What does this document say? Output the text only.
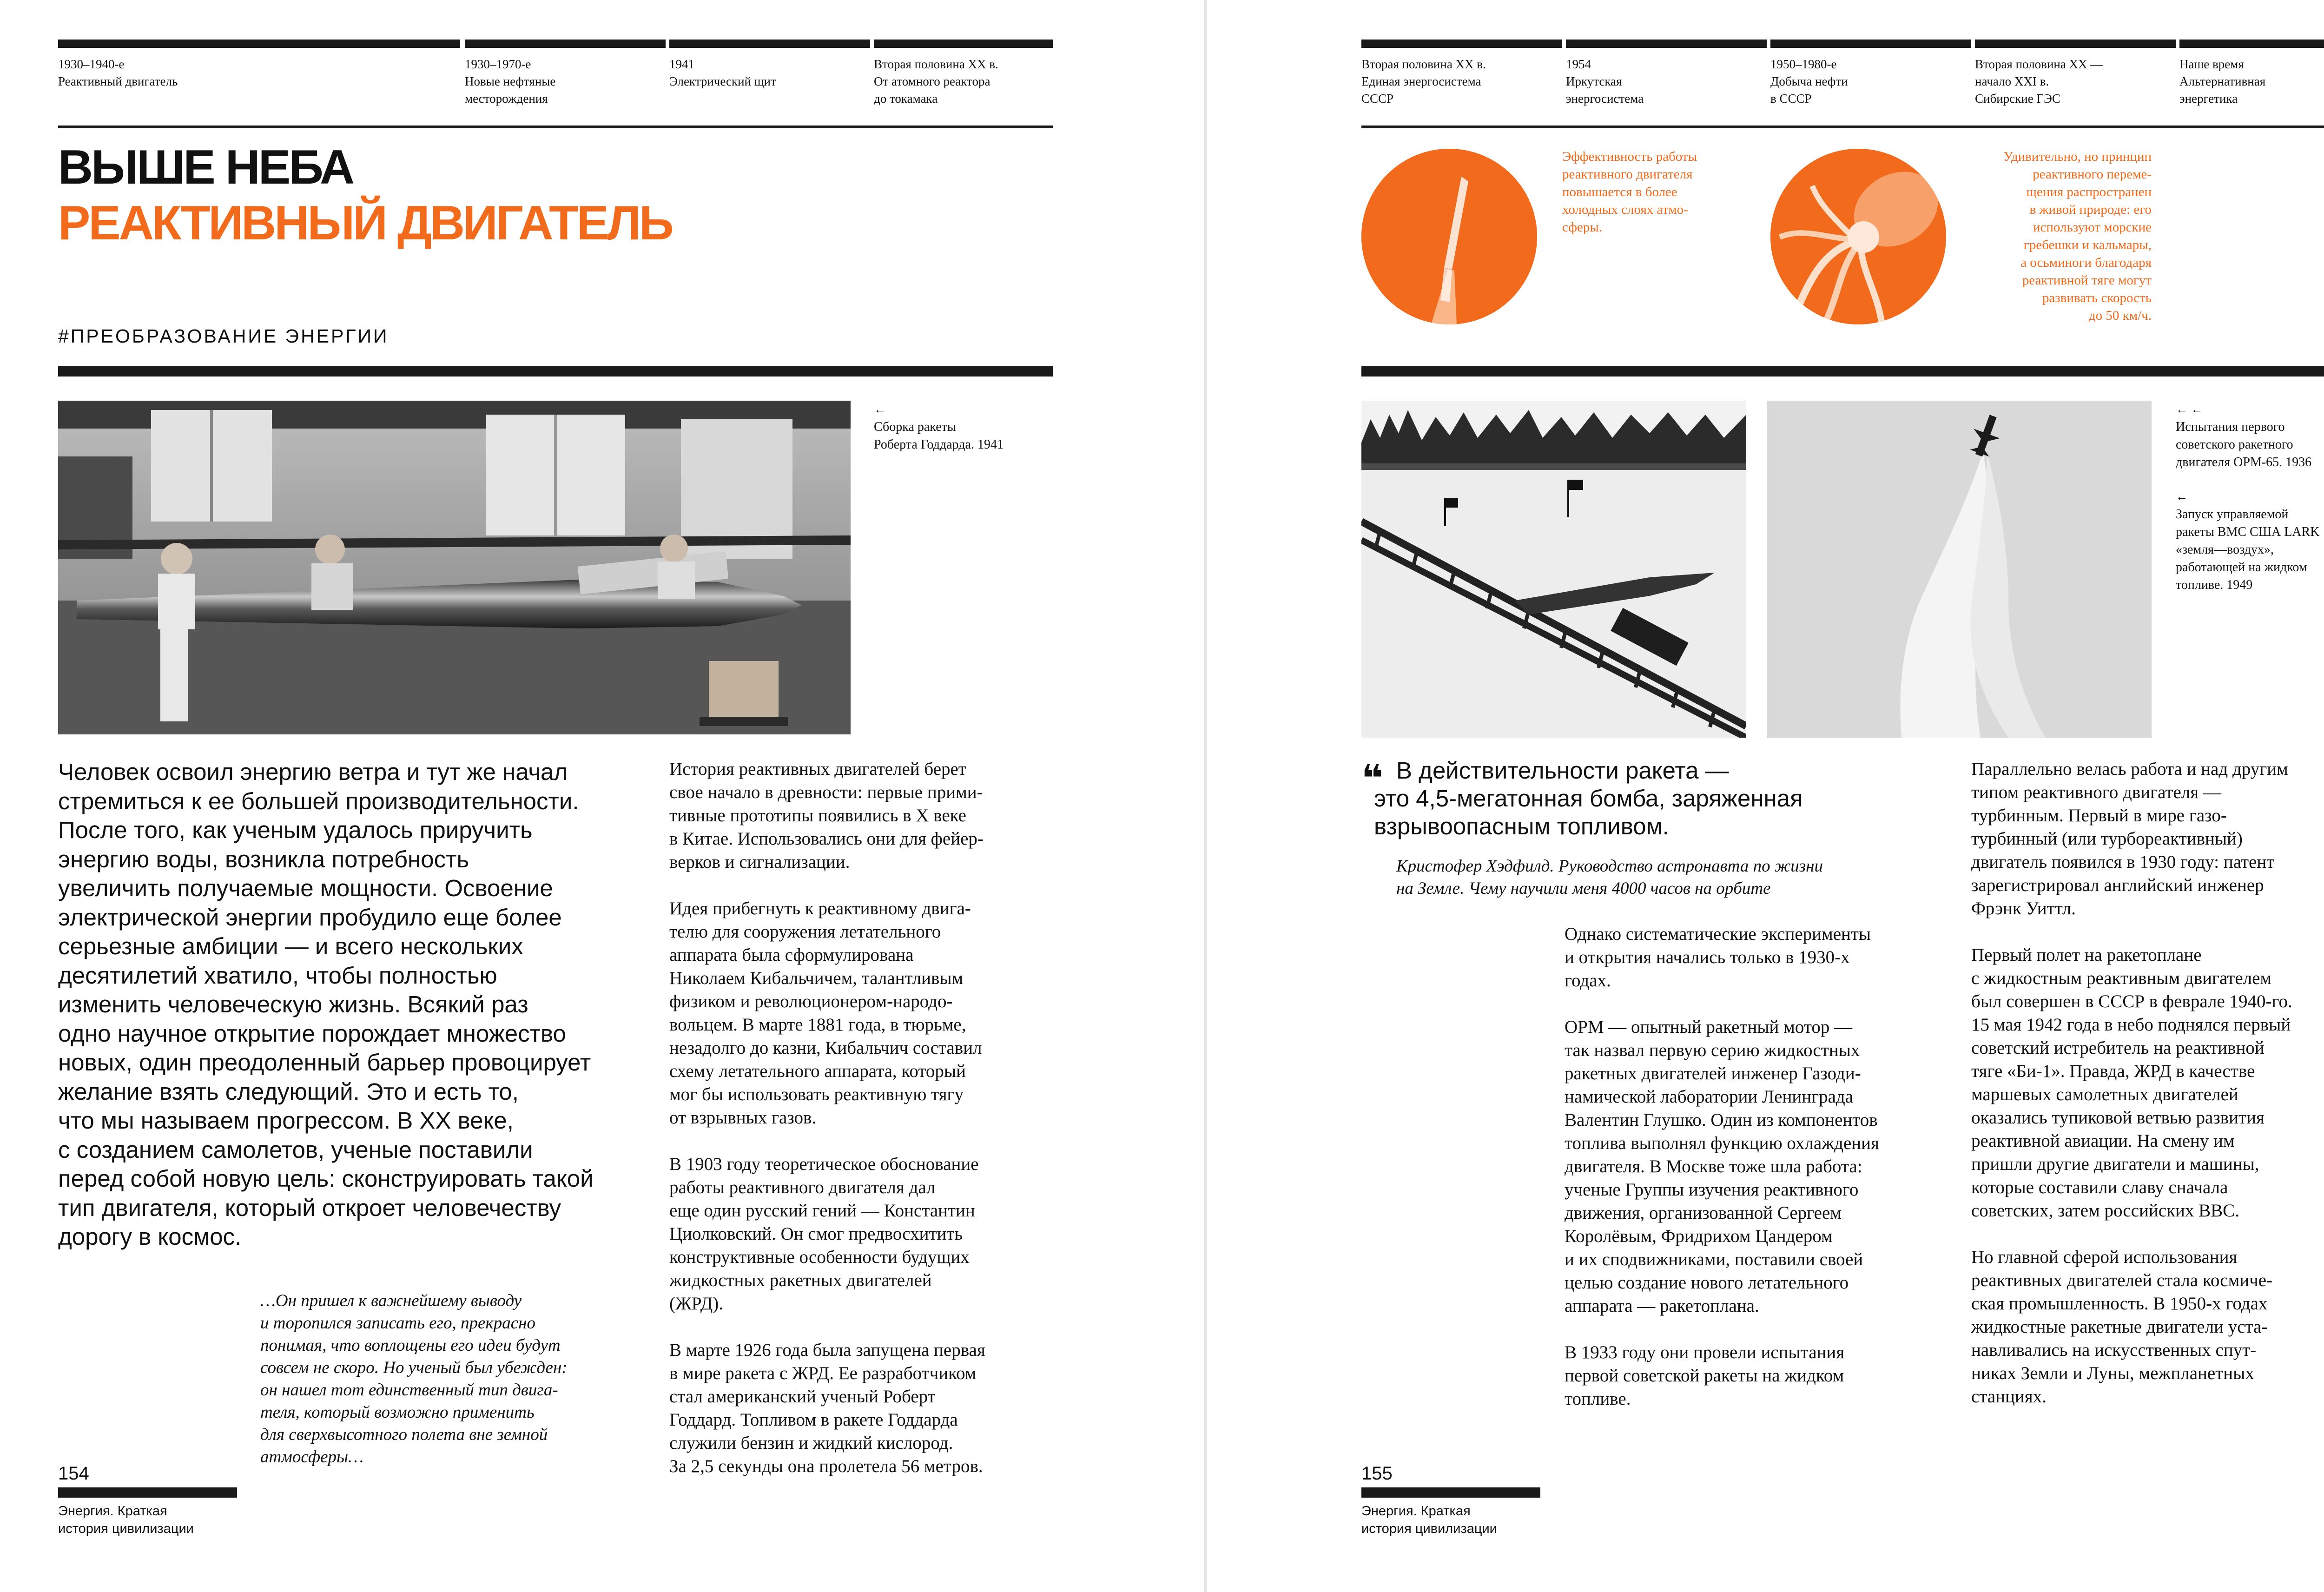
1930–1940-е
Реактивный двигатель
1930–1970-е
Новые нефтяные
месторождения
1941
Электрический щит
Вторая половина XX в.
От атомного реактора
до токамака
ВЫШЕ НЕБА
РЕАКТИВНЫЙ ДВИГАТЕЛЬ
#ПРЕОБРАЗОВАНИЕ ЭНЕРГИИ
←
Сборка ракеты
Роберта Годдарда. 1941
Человек освоил энергию ветра и тут же начал
стремиться к ее большей производительности.
После того, как ученым удалось приручить
энергию воды, возникла потребность
увеличить получаемые мощности. Освоение
электрической энергии пробудило еще более
серьезные амбиции — и всего нескольких
десятилетий хватило, чтобы полностью
изменить человеческую жизнь. Всякий раз
одно научное открытие порождает множество
новых, один преодоленный барьер провоцирует
желание взять следующий. Это и есть то,
что мы называем прогрессом. В XX веке,
с созданием самолетов, ученые поставили
перед собой новую цель: сконструировать такой
тип двигателя, который откроет человечеству
дорогу в космос.
…Он пришел к важнейшему выводу
и торопился записать его, прекрасно
понимая, что воплощены его идеи будут
совсем не скоро. Но ученый был убежден:
он нашел тот единственный тип двига-
теля, который возможно применить
для сверхвысотного полета вне земной
атмосферы…

История реактивных двигателей берет
свое начало в древности: первые прими-
тивные прототипы появились в X веке
в Китае. Использовались они для фейер-
верков и сигнализации.

Идея прибегнуть к реактивному двига-
телю для сооружения летательного
аппарата была сформулирована
Николаем Кибальчичем, талантливым
физиком и революционером-народо-
вольцем. В марте 1881 года, в тюрьме,
незадолго до казни, Кибальчич составил
схему летательного аппарата, который
мог бы использовать реактивную тягу
от взрывных газов.

В 1903 году теоретическое обоснование
работы реактивного двигателя дал
еще один русский гений — Константин
Циолковский. Он смог предвосхитить
конструктивные особенности будущих
жидкостных ракетных двигателей
(ЖРД).

В марте 1926 года была запущена первая
в мире ракета с ЖРД. Ее разработчиком
стал американский ученый Роберт
Годдард. Топливом в ракете Годдарда
служили бензин и жидкий кислород.
За 2,5 секунды она пролетела 56 метров.

154
Энергия. Краткая
история цивилизации
Вторая половина XX в.
Единая энергосистема
СССР
1954
Иркутская
энергосистема
1950–1980-е
Добыча нефти
в СССР
Вторая половина XX —
начало XXI в.
Сибирские ГЭС
Наше время
Альтернативная
энергетика
Эффективность работы
реактивного двигателя
повышается в более
холодных слоях атмо-
сферы.
Удивительно, но принцип
реактивного переме-
щения распространен
в живой природе: его
используют морские
гребешки и кальмары,
а осьминоги благодаря
реактивной тяге могут
развивать скорость
до 50 км/ч.
← ←
Испытания первого
советского ракетного
двигателя ОРМ-65. 1936
←
Запуск управляемой
ракеты ВМС США LARK
«земля—воздух»,
работающей на жидком
топливе. 1949
❝ В действительности ракета —
это 4,5-мегатонная бомба, заряженная
взрывоопасным топливом.
Кристофер Хэдфилд. Руководство астронавта по жизни
на Земле. Чему научили меня 4000 часов на орбите

Однако систематические эксперименты
и открытия начались только в 1930-х
годах.

ОРМ — опытный ракетный мотор —
так назвал первую серию жидкостных
ракетных двигателей инженер Газоди-
намической лаборатории Ленинграда
Валентин Глушко. Один из компонентов
топлива выполнял функцию охлаждения
двигателя. В Москве тоже шла работа:
ученые Группы изучения реактивного
движения, организованной Сергеем
Королёвым, Фридрихом Цандером
и их сподвижниками, поставили своей
целью создание нового летательного
аппарата — ракетоплана.

В 1933 году они провели испытания
первой советской ракеты на жидком
топливе.

Параллельно велась работа и над другим
типом реактивного двигателя —
турбинным. Первый в мире газо-
турбинный (или турбореактивный)
двигатель появился в 1930 году: патент
зарегистрировал английский инженер
Фрэнк Уиттл.

Первый полет на ракетоплане
с жидкостным реактивным двигателем
был совершен в СССР в феврале 1940-го.
15 мая 1942 года в небо поднялся первый
советский истребитель на реактивной
тяге «Би-1». Правда, ЖРД в качестве
маршевых самолетных двигателей
оказались тупиковой ветвью развития
реактивной авиации. На смену им
пришли другие двигатели и машины,
которые составили славу сначала
советских, затем российских ВВС.

Но главной сферой использования
реактивных двигателей стала космиче-
ская промышленность. В 1950-х годах
жидкостные ракетные двигатели уста-
навливались на искусственных спут-
никах Земли и Луны, межпланетных
станциях.

155
Энергия. Краткая
история цивилизации
